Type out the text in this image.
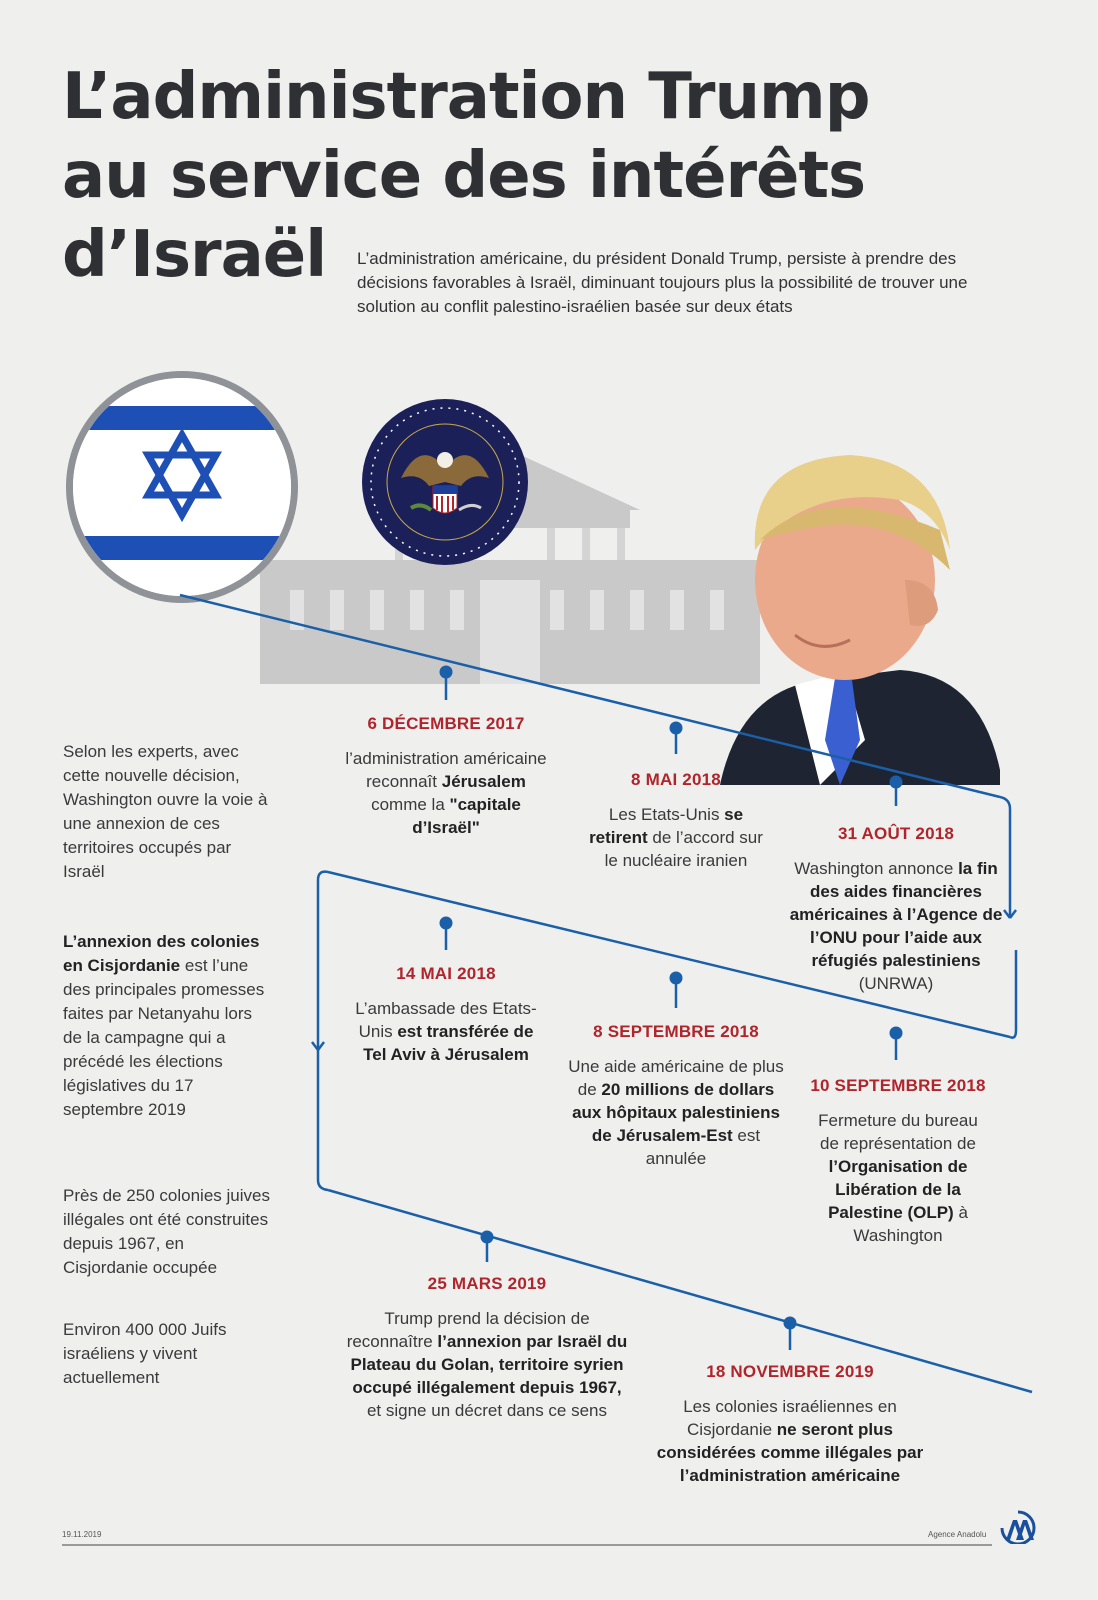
L’administration Trump
au service des intérêts
d’Israël	L’administration américaine, du président Donald Trump, persiste à prendre des décisions favorables à Israël, diminuant toujours plus la possibilité de trouver une solution au conflit palestino-israélien basée sur deux états

6 DÉCEMBRE 2017
l’administration américaine reconnaît Jérusalem comme la "capitale d’Israël"
8 MAI 2018
Les Etats-Unis se retirent de l’accord sur le nucléaire iranien
31 AOÛT 2018
Washington annonce la fin des aides financières américaines à l’Agence de l’ONU pour l’aide aux réfugiés palestiniens (UNRWA)
14 MAI 2018
L’ambassade des Etats-Unis est transférée de Tel Aviv à Jérusalem
8 SEPTEMBRE 2018
Une aide américaine de plus de 20 millions de dollars aux hôpitaux palestiniens de Jérusalem-Est est annulée
10 SEPTEMBRE 2018
Fermeture du bureau de représentation de l’Organisation de Libération de la Palestine (OLP) à Washington
25 MARS 2019
Trump prend la décision de reconnaître l’annexion par Israël du Plateau du Golan, territoire syrien occupé illégalement depuis 1967, et signe un décret dans ce sens
18 NOVEMBRE 2019
Les colonies israéliennes en Cisjordanie ne seront plus considérées comme illégales par l’administration américaine
Selon les experts, avec cette nouvelle décision, Washington ouvre la voie à une annexion de ces territoires occupés par Israël
L’annexion des colonies en Cisjordanie est l’une des principales promesses faites par Netanyahu lors de la campagne qui a précédé les élections législatives du 17 septembre 2019
Près de 250 colonies juives illégales ont été construites depuis 1967, en Cisjordanie occupée
Environ 400 000 Juifs israéliens y vivent actuellement
19.11.2019	Agence Anadolu
